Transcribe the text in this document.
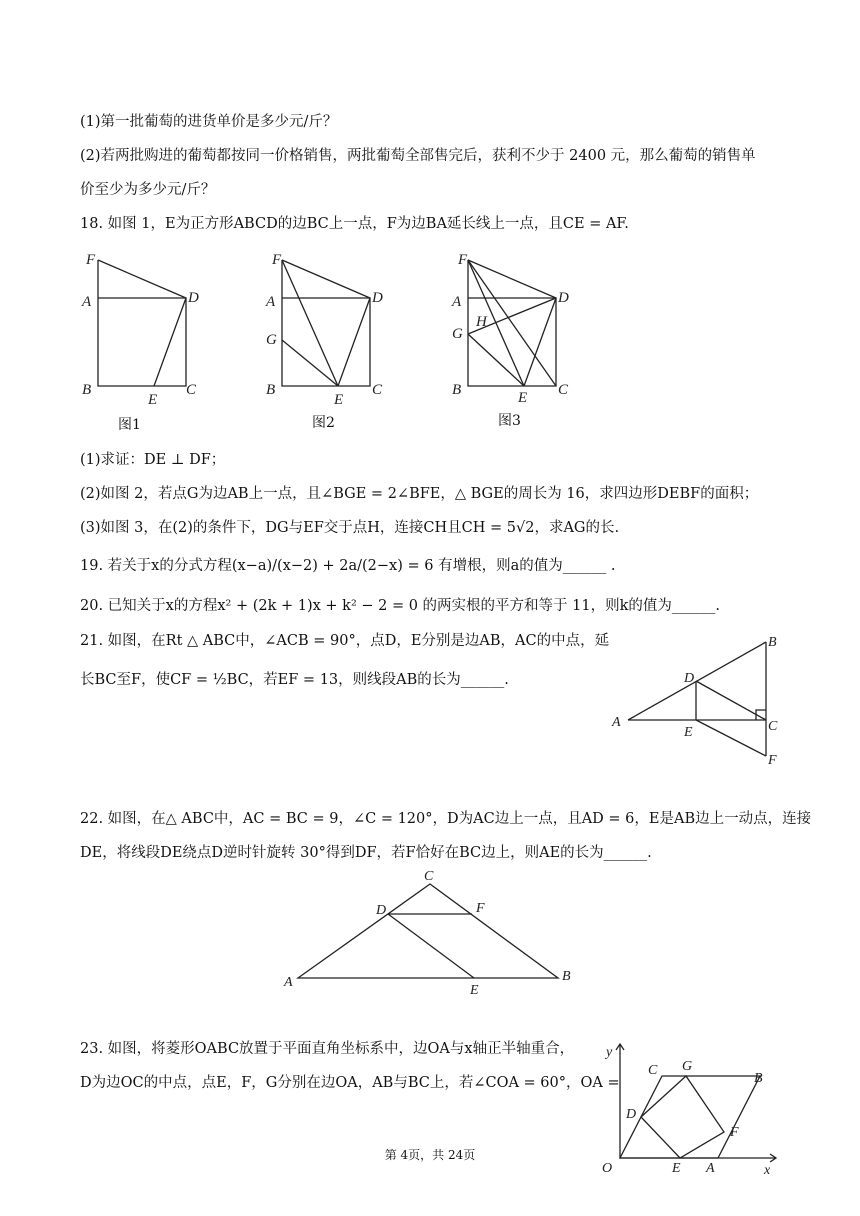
(1)第一批葡萄的进货单价是多少元/斤？
(2)若两批购进的葡萄都按同一价格销售，两批葡萄全部售完后，获利不少于 2400 元，那么葡萄的销售单
价至少为多少元/斤？
18. 如图 1，E为正方形ABCD的边BC上一点，F为边BA延长线上一点，且CE = AF.
F
A	D
B	C
E
图1
F
A	D
G
B	C
E
图2
F
A	D
H
G
B	C
E
图3
(1)求证：DE ⊥ DF；
(2)如图 2，若点G为边AB上一点，且∠BGE = 2∠BFE，△ BGE的周长为 16，求四边形DEBF的面积；
(3)如图 3，在(2)的条件下，DG与EF交于点H，连接CH且CH = 5√2，求AG的长.
19. 若关于x的分式方程(x−a)/(x−2) + 2a/(2−x) = 6 有增根，则a的值为______ .
20. 已知关于x的方程x² + (2k + 1)x + k² − 2 = 0 的两实根的平方和等于 11，则k的值为______.
21. 如图，在Rt △ ABC中，∠ACB = 90°，点D，E分别是边AB，AC的中点，延
长BC至F，使CF = ½BC，若EF = 13，则线段AB的长为______.
B
D
A	C
E
F
22. 如图，在△ ABC中，AC = BC = 9，∠C = 120°，D为AC边上一点，且AD = 6，E是AB边上一动点，连接
DE，将线段DE绕点D逆时针旋转 30°得到DF，若F恰好在BC边上，则AE的长为______.
C
D	F
A
E
B
23. 如图，将菱形OABC放置于平面直角坐标系中，边OA与x轴正半轴重合，
D为边OC的中点，点E，F，G分别在边OA，AB与BC上，若∠COA = 60°，OA =
y
x
C G
B
D
F
O	E A
第 4页，共 24页
